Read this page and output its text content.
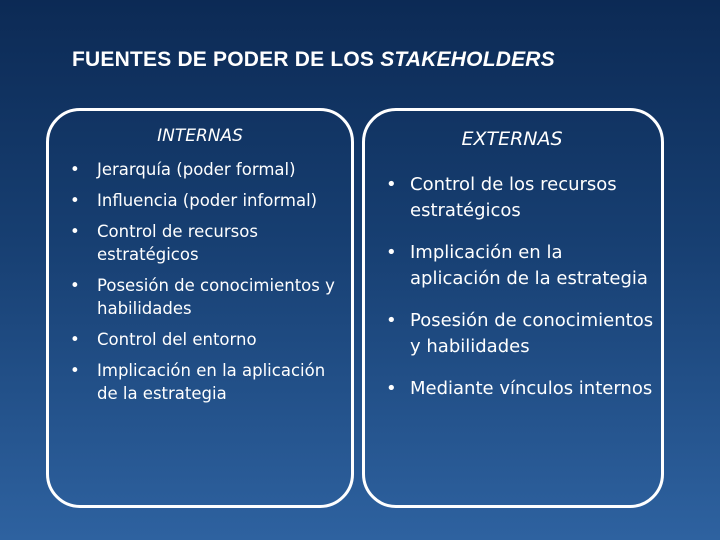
FUENTES DE PODER DE LOS STAKEHOLDERS
INTERNAS	EXTERNAS
• Jerarquía (poder formal)
• Influencia (poder informal)
• Control de recursos estratégicos
• Posesión de conocimientos y habilidades
• Control del entorno
• Implicación en la aplicación de la estrategia
• Control de los recursos estratégicos
• Implicación en la aplicación de la estrategia
• Posesión de conocimientos y habilidades
• Mediante vínculos internos
